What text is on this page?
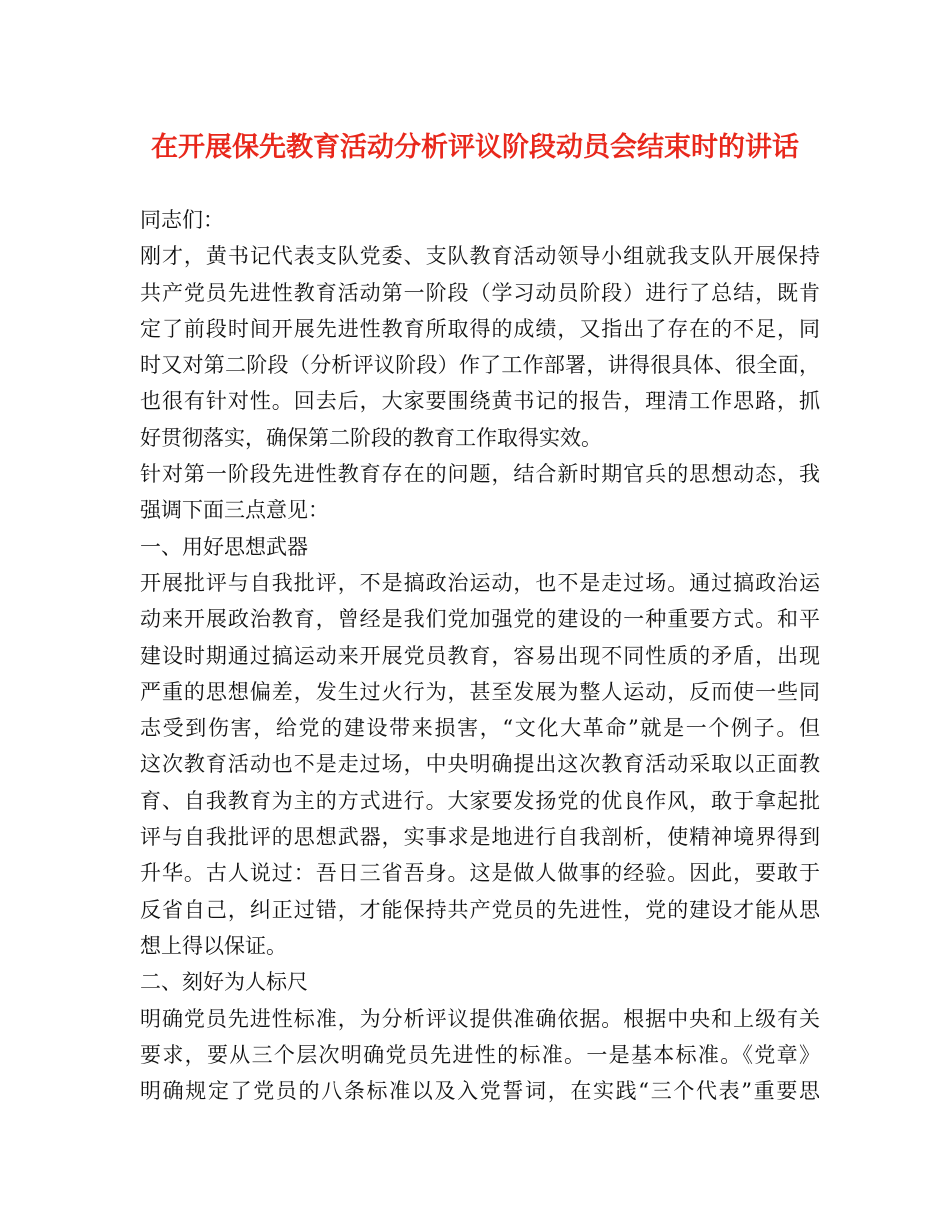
在开展保先教育活动分析评议阶段动员会结束时的讲话
同志们：
刚才，黄书记代表支队党委、支队教育活动领导小组就我支队开展保持
共产党员先进性教育活动第一阶段（学习动员阶段）进行了总结，既肯
定了前段时间开展先进性教育所取得的成绩，又指出了存在的不足，同
时又对第二阶段（分析评议阶段）作了工作部署，讲得很具体、很全面，
也很有针对性。回去后，大家要围绕黄书记的报告，理清工作思路，抓
好贯彻落实，确保第二阶段的教育工作取得实效。
针对第一阶段先进性教育存在的问题，结合新时期官兵的思想动态，我
强调下面三点意见：
一、用好思想武器
开展批评与自我批评，不是搞政治运动，也不是走过场。通过搞政治运
动来开展政治教育，曾经是我们党加强党的建设的一种重要方式。和平
建设时期通过搞运动来开展党员教育，容易出现不同性质的矛盾，出现
严重的思想偏差，发生过火行为，甚至发展为整人运动，反而使一些同
志受到伤害，给党的建设带来损害，“文化大革命”就是一个例子。但
这次教育活动也不是走过场，中央明确提出这次教育活动采取以正面教
育、自我教育为主的方式进行。大家要发扬党的优良作风，敢于拿起批
评与自我批评的思想武器，实事求是地进行自我剖析，使精神境界得到
升华。古人说过：吾日三省吾身。这是做人做事的经验。因此，要敢于
反省自己，纠正过错，才能保持共产党员的先进性，党的建设才能从思
想上得以保证。
二、刻好为人标尺
明确党员先进性标准，为分析评议提供准确依据。根据中央和上级有关
要求，要从三个层次明确党员先进性的标准。一是基本标准。《党章》
明确规定了党员的八条标准以及入党誓词，在实践“三个代表”重要思
